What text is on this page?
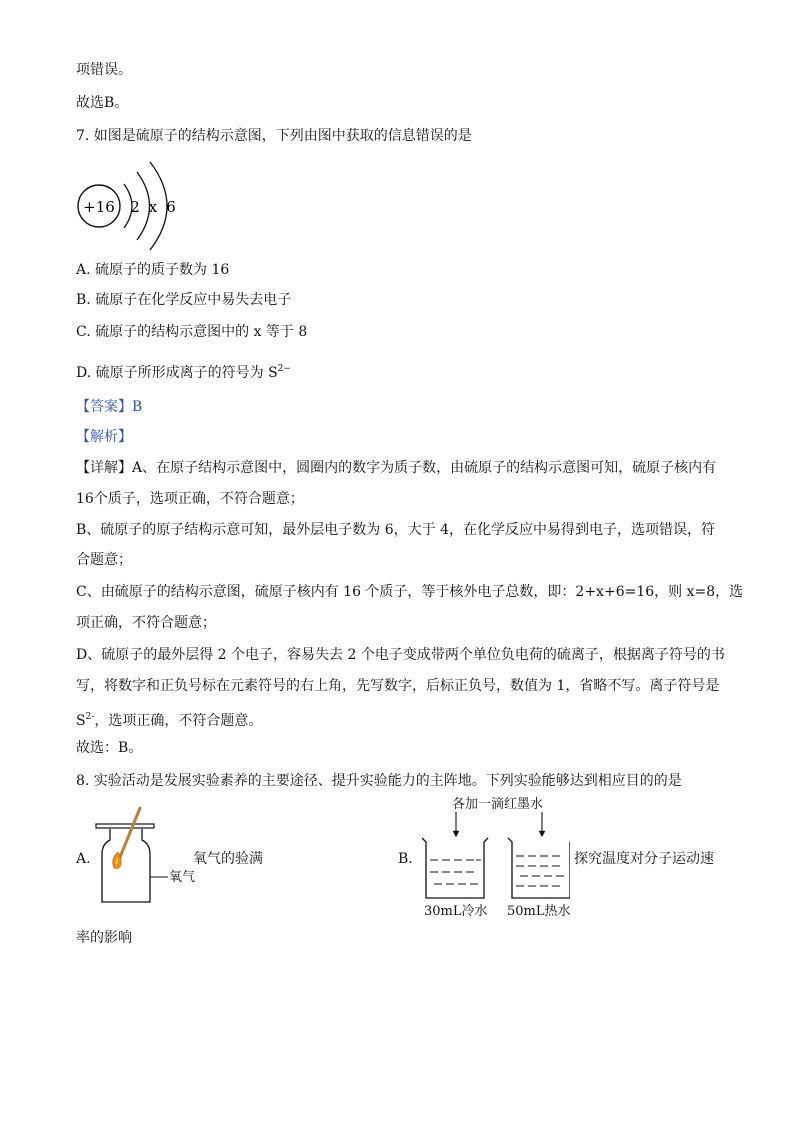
项错误。
故选B。
7. 如图是硫原子的结构示意图，下列由图中获取的信息错误的是
+16 2 x 6
A. 硫原子的质子数为 16
B. 硫原子在化学反应中易失去电子
C. 硫原子的结构示意图中的 x 等于 8
D. 硫原子所形成离子的符号为 $S^{2-}$
【答案】B
【解析】
【详解】A、在原子结构示意图中，圆圈内的数字为质子数，由硫原子的结构示意图可知，硫原子核内有
16个质子，选项正确，不符合题意；
B、硫原子的原子结构示意可知，最外层电子数为 6，大于 4，在化学反应中易得到电子，选项错误，符
合题意；
C、由硫原子的结构示意图，硫原子核内有 16 个质子，等于核外电子总数，即：2+x+6=16，则 x=8，选
项正确，不符合题意；
D、硫原子的最外层得 2 个电子，容易失去 2 个电子变成带两个单位负电荷的硫离子，根据离子符号的书
写，将数字和正负号标在元素符号的右上角，先写数字，后标正负号，数值为 1，省略不写。离子符号是
$S^{2-}$，选项正确，不符合题意。
故选：B。
8. 实验活动是发展实验素养的主要途径、提升实验能力的主阵地。下列实验能够达到相应目的的是
A.
氧气
氧气的验满	B.
各加一滴红墨水
30mL冷水 50mL热水
探究温度对分子运动速
率的影响
